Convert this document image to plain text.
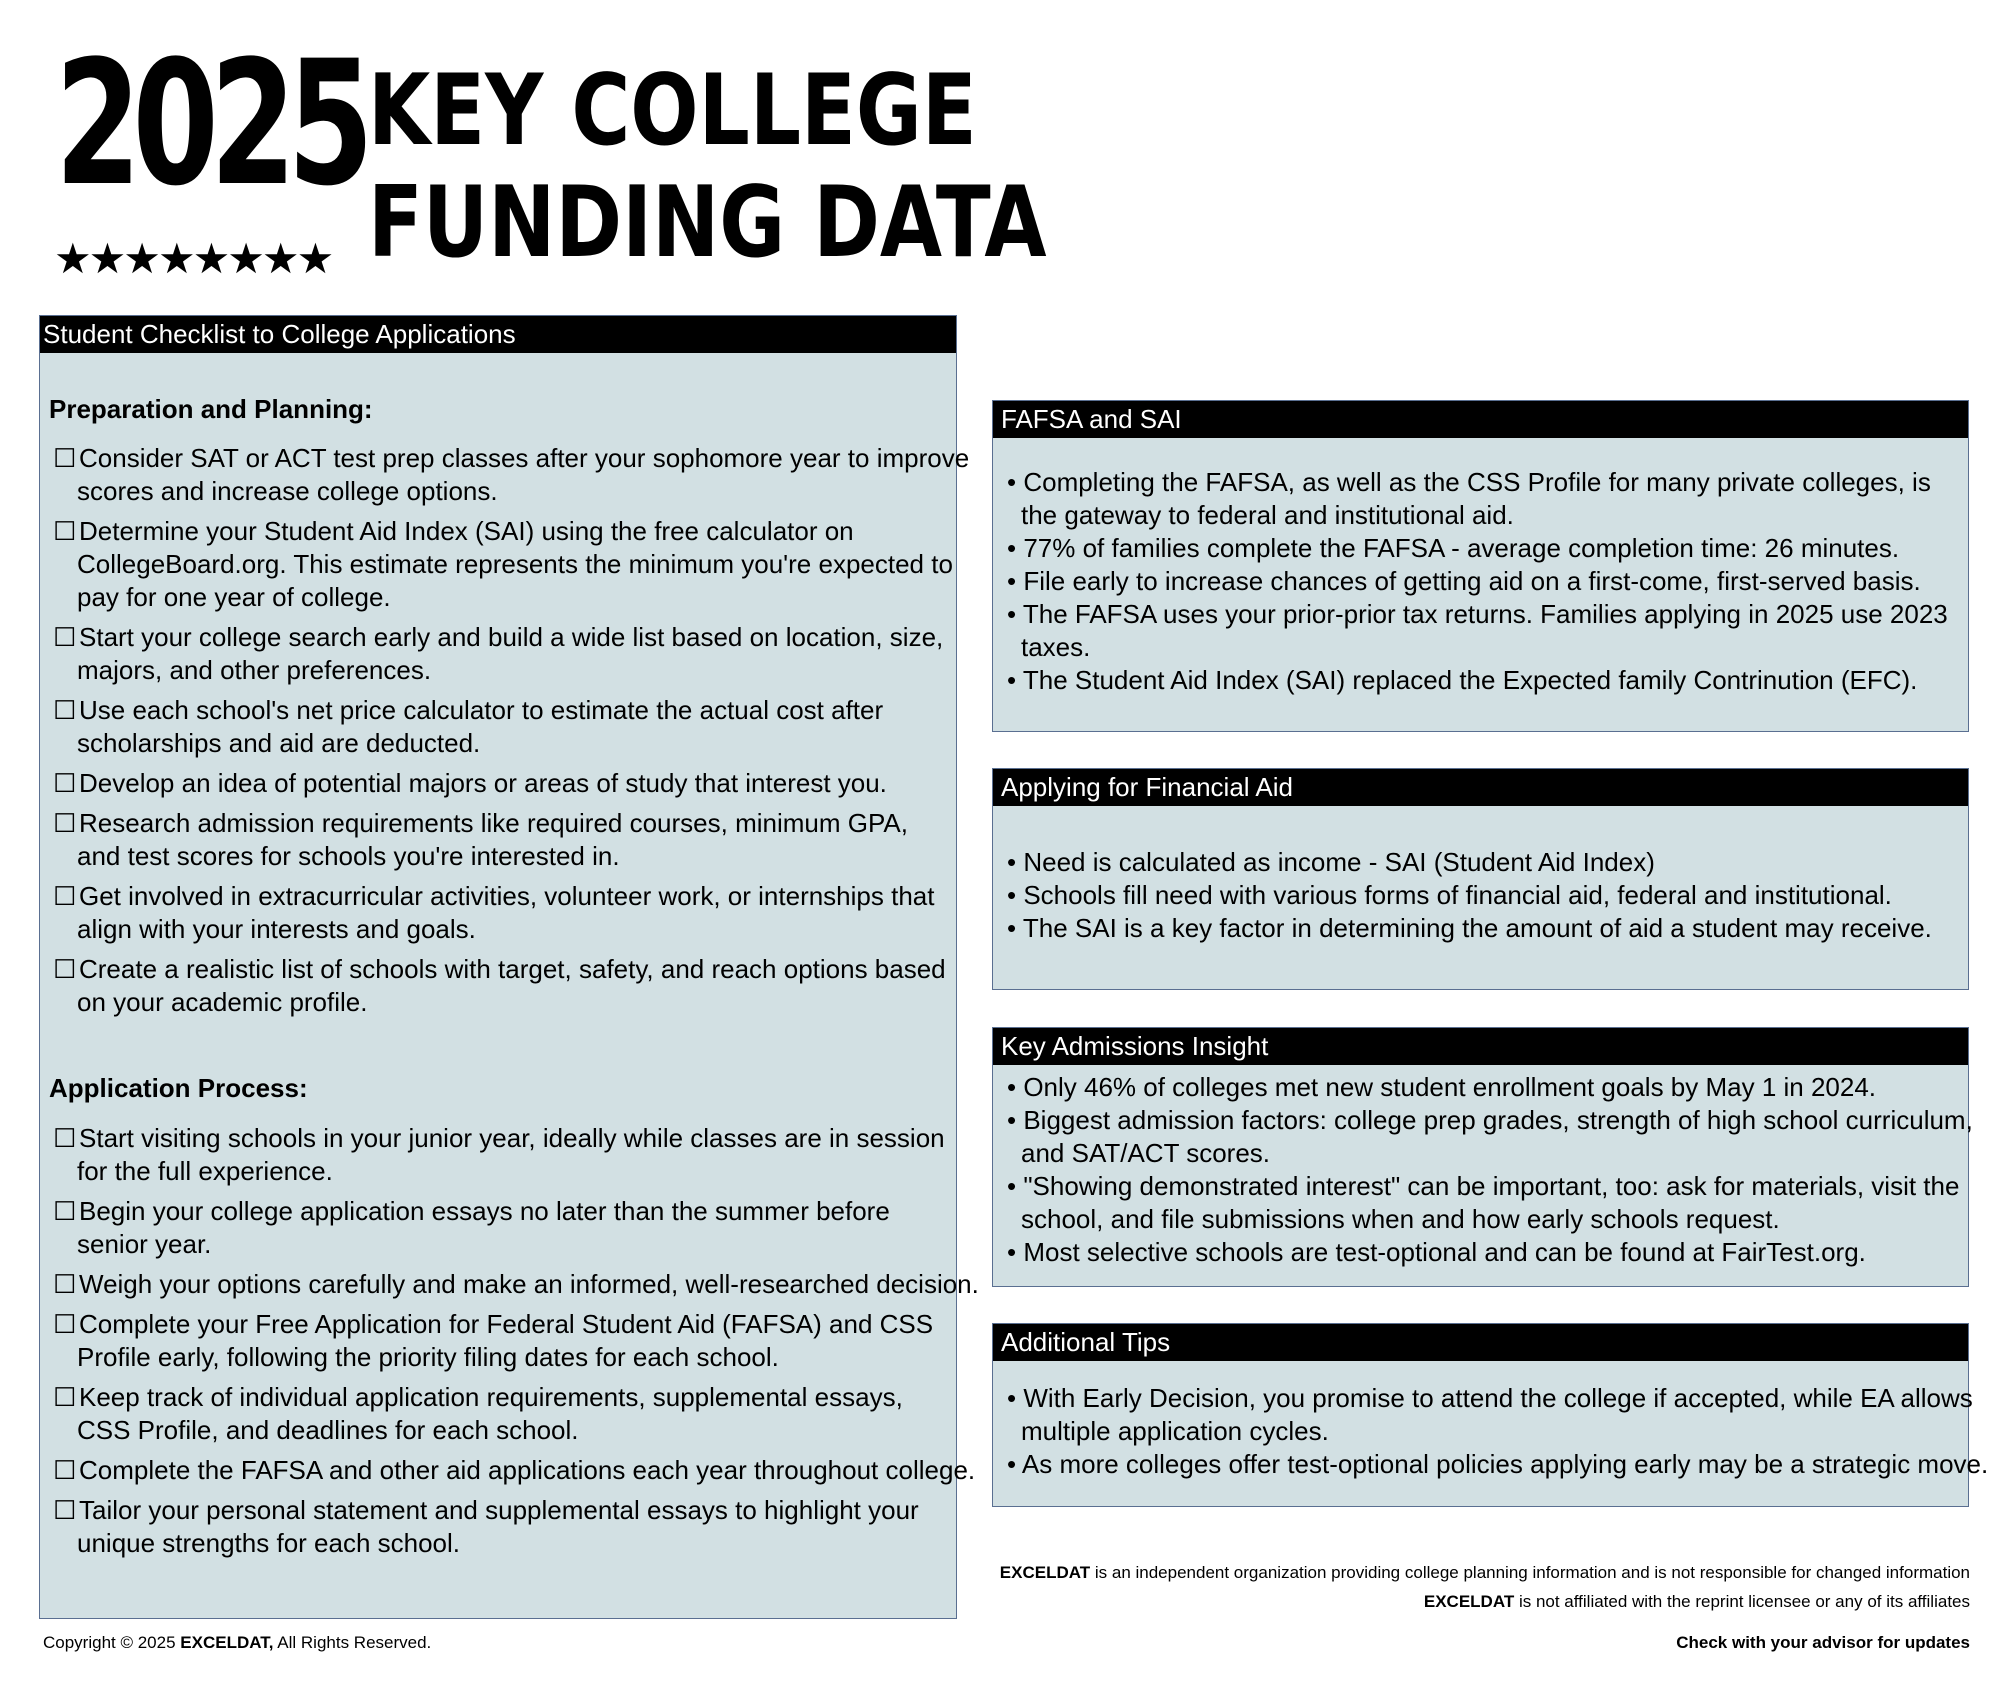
2025
★★★★★★★★
KEY COLLEGE
FUNDING DATA
Student Checklist to College Applications
Preparation and Planning:
☐ Consider SAT or ACT test prep classes after your sophomore year to improve
scores and increase college options.
☐ Determine your Student Aid Index (SAI) using the free calculator on
CollegeBoard.org. This estimate represents the minimum you're expected to
pay for one year of college.
☐ Start your college search early and build a wide list based on location, size,
majors, and other preferences.
☐ Use each school's net price calculator to estimate the actual cost after
scholarships and aid are deducted.
☐ Develop an idea of potential majors or areas of study that interest you.
☐ Research admission requirements like required courses, minimum GPA,
and test scores for schools you're interested in.
☐ Get involved in extracurricular activities, volunteer work, or internships that
align with your interests and goals.
☐ Create a realistic list of schools with target, safety, and reach options based
on your academic profile.
Application Process:
☐ Start visiting schools in your junior year, ideally while classes are in session
for the full experience.
☐ Begin your college application essays no later than the summer before
senior year.
☐ Weigh your options carefully and make an informed, well-researched decision.
☐ Complete your Free Application for Federal Student Aid (FAFSA) and CSS
Profile early, following the priority filing dates for each school.
☐ Keep track of individual application requirements, supplemental essays,
CSS Profile, and deadlines for each school.
☐ Complete the FAFSA and other aid applications each year throughout college.
☐ Tailor your personal statement and supplemental essays to highlight your
unique strengths for each school.
FAFSA and SAI
• Completing the FAFSA, as well as the CSS Profile for many private colleges, is
the gateway to federal and institutional aid.
• 77% of families complete the FAFSA - average completion time: 26 minutes.
• File early to increase chances of getting aid on a first-come, first-served basis.
• The FAFSA uses your prior-prior tax returns. Families applying in 2025 use 2023
taxes.
• The Student Aid Index (SAI) replaced the Expected family Contrinution (EFC).
Applying for Financial Aid
• Need is calculated as income - SAI (Student Aid Index)
• Schools fill need with various forms of financial aid, federal and institutional.
• The SAI is a key factor in determining the amount of aid a student may receive.
Key Admissions Insight
• Only 46% of colleges met new student enrollment goals by May 1 in 2024.
• Biggest admission factors: college prep grades, strength of high school curriculum,
and SAT/ACT scores.
• "Showing demonstrated interest" can be important, too: ask for materials, visit the
school, and file submissions when and how early schools request.
• Most selective schools are test-optional and can be found at FairTest.org.
Additional Tips
• With Early Decision, you promise to attend the college if accepted, while EA allows
multiple application cycles.
• As more colleges offer test-optional policies applying early may be a strategic move.
Copyright © 2025 EXCELDAT, All Rights Reserved.
EXCELDAT is an independent organization providing college planning information and is not responsible for changed information
EXCELDAT is not affiliated with the reprint licensee or any of its affiliates
Check with your advisor for updates
